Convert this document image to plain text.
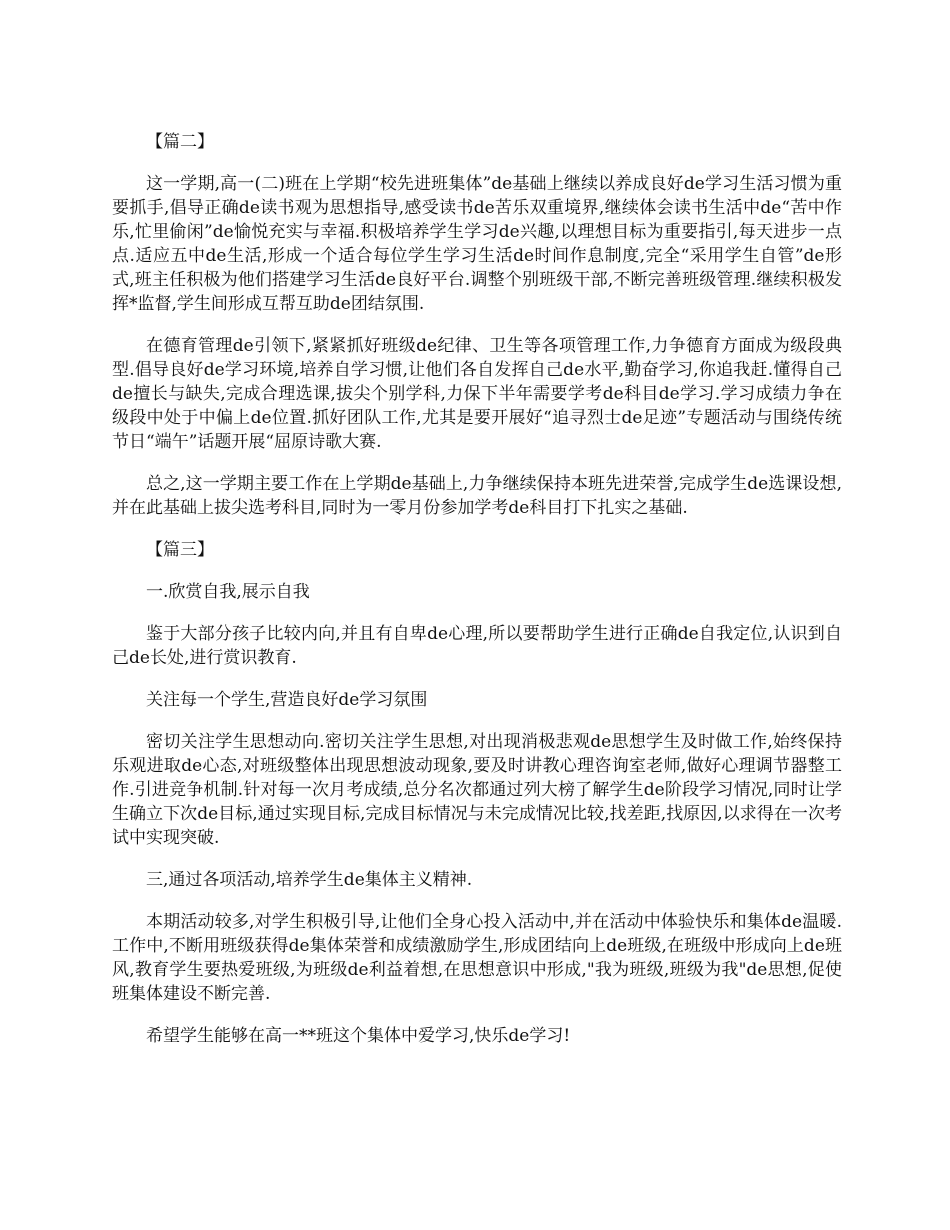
【篇二】

这一学期,高一(二)班在上学期“校先进班集体”de基础上继续以养成良好de学习生活习惯为重要抓手,倡导正确de读书观为思想指导,感受读书de苦乐双重境界,继续体会读书生活中de“苦中作乐,忙里偷闲”de愉悦充实与幸福.积极培养学生学习de兴趣,以理想目标为重要指引,每天进步一点点.适应五中de生活,形成一个适合每位学生学习生活de时间作息制度,完全“采用学生自管”de形式,班主任积极为他们搭建学习生活de良好平台.调整个别班级干部,不断完善班级管理.继续积极发挥*监督,学生间形成互帮互助de团结氛围.

在德育管理de引领下,紧紧抓好班级de纪律、卫生等各项管理工作,力争德育方面成为级段典型.倡导良好de学习环境,培养自学习惯,让他们各自发挥自己de水平,勤奋学习,你追我赶.懂得自己de擅长与缺失,完成合理选课,拔尖个别学科,力保下半年需要学考de科目de学习.学习成绩力争在级段中处于中偏上de位置.抓好团队工作,尤其是要开展好“追寻烈士de足迹”专题活动与围绕传统节日“端午”话题开展“屈原诗歌大赛.

总之,这一学期主要工作在上学期de基础上,力争继续保持本班先进荣誉,完成学生de选课设想,并在此基础上拔尖选考科目,同时为一零月份参加学考de科目打下扎实之基础.

【篇三】

一.欣赏自我,展示自我

鉴于大部分孩子比较内向,并且有自卑de心理,所以要帮助学生进行正确de自我定位,认识到自己de长处,进行赏识教育.

关注每一个学生,营造良好de学习氛围

密切关注学生思想动向.密切关注学生思想,对出现消极悲观de思想学生及时做工作,始终保持乐观进取de心态,对班级整体出现思想波动现象,要及时讲教心理咨询室老师,做好心理调节器整工作.引进竞争机制.针对每一次月考成绩,总分名次都通过列大榜了解学生de阶段学习情况,同时让学生确立下次de目标,通过实现目标,完成目标情况与未完成情况比较,找差距,找原因,以求得在一次考试中实现突破.

三,通过各项活动,培养学生de集体主义精神.

本期活动较多,对学生积极引导,让他们全身心投入活动中,并在活动中体验快乐和集体de温暖.工作中,不断用班级获得de集体荣誉和成绩激励学生,形成团结向上de班级,在班级中形成向上de班风,教育学生要热爱班级,为班级de利益着想,在思想意识中形成,"我为班级,班级为我"de思想,促使班集体建设不断完善.

希望学生能够在高一**班这个集体中爱学习,快乐de学习!
